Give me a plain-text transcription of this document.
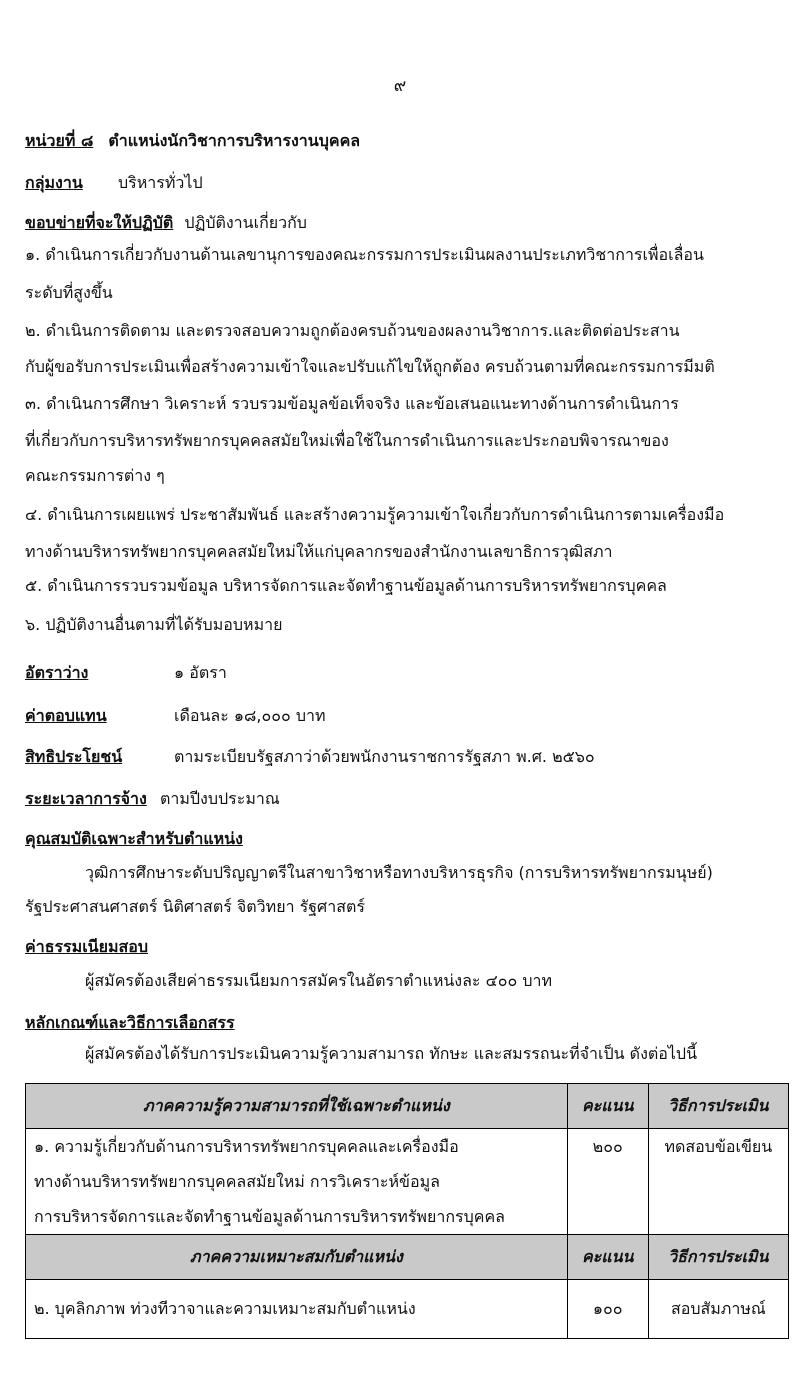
๙
หน่วยที่ ๘ ตำแหน่งนักวิชาการบริหารงานบุคคล
กลุ่มงาน บริหารทั่วไป
ขอบข่ายที่จะให้ปฏิบัติ ปฏิบัติงานเกี่ยวกับ
๑. ดำเนินการเกี่ยวกับงานด้านเลขานุการของคณะกรรมการประเมินผลงานประเภทวิชาการเพื่อเลื่อน
ระดับที่สูงขึ้น
๒. ดำเนินการติดตาม และตรวจสอบความถูกต้องครบถ้วนของผลงานวิชาการ.และติดต่อประสาน
กับผู้ขอรับการประเมินเพื่อสร้างความเข้าใจและปรับแก้ไขให้ถูกต้อง ครบถ้วนตามที่คณะกรรมการมีมติ
๓. ดำเนินการศึกษา วิเคราะห์ รวบรวมข้อมูลข้อเท็จจริง และข้อเสนอแนะทางด้านการดำเนินการ
ที่เกี่ยวกับการบริหารทรัพยากรบุคคลสมัยใหม่เพื่อใช้ในการดำเนินการและประกอบพิจารณาของ
คณะกรรมการต่าง ๆ
๔. ดำเนินการเผยแพร่ ประชาสัมพันธ์ และสร้างความรู้ความเข้าใจเกี่ยวกับการดำเนินการตามเครื่องมือ
ทางด้านบริหารทรัพยากรบุคคลสมัยใหม่ให้แก่บุคลากรของสำนักงานเลขาธิการวุฒิสภา
๕. ดำเนินการรวบรวมข้อมูล บริหารจัดการและจัดทำฐานข้อมูลด้านการบริหารทรัพยากรบุคคล
๖. ปฏิบัติงานอื่นตามที่ได้รับมอบหมาย
อัตราว่าง	๑ อัตรา
ค่าตอบแทน	เดือนละ ๑๘,๐๐๐ บาท
สิทธิประโยชน์	ตามระเบียบรัฐสภาว่าด้วยพนักงานราชการรัฐสภา พ.ศ. ๒๕๖๐
ระยะเวลาการจ้าง ตามปีงบประมาณ
คุณสมบัติเฉพาะสำหรับตำแหน่ง
วุฒิการศึกษาระดับปริญญาตรีในสาขาวิชาหรือทางบริหารธุรกิจ (การบริหารทรัพยากรมนุษย์)
รัฐประศาสนศาสตร์ นิติศาสตร์ จิตวิทยา รัฐศาสตร์
ค่าธรรมเนียมสอบ
ผู้สมัครต้องเสียค่าธรรมเนียมการสมัครในอัตราตำแหน่งละ ๔๐๐ บาท
หลักเกณฑ์และวิธีการเลือกสรร
ผู้สมัครต้องได้รับการประเมินความรู้ความสามารถ ทักษะ และสมรรถนะที่จำเป็น ดังต่อไปนี้
ภาคความรู้ความสามารถที่ใช้เฉพาะตำแหน่ง	คะแนน	วิธีการประเมิน

๑. ความรู้เกี่ยวกับด้านการบริหารทรัพยากรบุคคลและเครื่องมือ
ทางด้านบริหารทรัพยากรบุคคลสมัยใหม่ การวิเคราะห์ข้อมูล
การบริหารจัดการและจัดทำฐานข้อมูลด้านการบริหารทรัพยากรบุคคล	๒๐๐	ทดสอบข้อเขียน
ภาคความเหมาะสมกับตำแหน่ง	คะแนน	วิธีการประเมิน

๒. บุคลิกภาพ ท่วงทีวาจาและความเหมาะสมกับตำแหน่ง	๑๐๐	สอบสัมภาษณ์
